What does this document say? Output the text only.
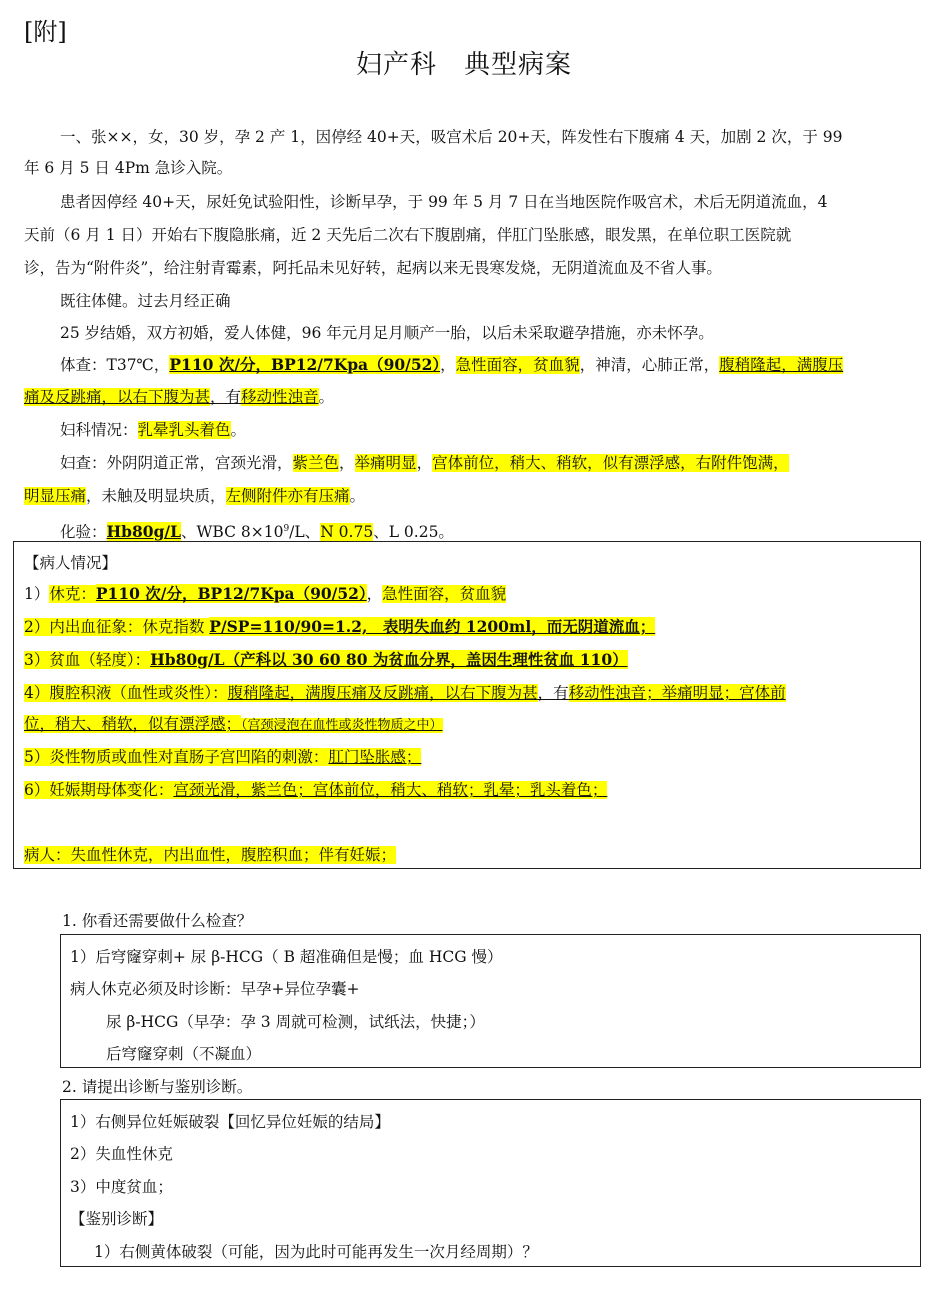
[附]
妇产科　典型病案
一、张××，女，30 岁，孕 2 产 1，因停经 40+天，吸宫术后 20+天，阵发性右下腹痛 4 天，加剧 2 次，于 99
年 6 月 5 日 4Pm 急诊入院。
患者因停经 40+天，尿妊免试验阳性，诊断早孕，于 99 年 5 月 7 日在当地医院作吸宫术，术后无阴道流血，4
天前（6 月 1 日）开始右下腹隐胀痛，近 2 天先后二次右下腹剧痛，伴肛门坠胀感，眼发黑，在单位职工医院就
诊，告为“附件炎”，给注射青霉素，阿托品未见好转，起病以来无畏寒发烧，无阴道流血及不省人事。
既往体健。过去月经正确
25 岁结婚，双方初婚，爱人体健，96 年元月足月顺产一胎，以后未采取避孕措施，亦未怀孕。
体查：T37℃，P110 次/分，BP12/7Kpa（90/52），急性面容，贫血貌，神清，心肺正常，腹稍隆起，满腹压
痛及反跳痛，以右下腹为甚，有移动性浊音。
妇科情况：乳晕乳头着色。
妇查：外阴阴道正常，宫颈光滑，紫兰色，举痛明显，宫体前位，稍大、稍软，似有漂浮感，右附件饱满，
明显压痛，未触及明显块质，左侧附件亦有压痛。
化验：Hb80g/L、WBC $8\times 10^9/L$、N 0.75、L 0.25。
【病人情况】
1）休克：P110 次/分，BP12/7Kpa（90/52），急性面容，贫血貌
2）内出血征象：休克指数 P/SP=110/90=1.2,　表明失血约 1200ml，而无阴道流血；
3）贫血（轻度）：Hb80g/L（产科以 30 60 80 为贫血分界，盖因生理性贫血 110）
4）腹腔积液（血性或炎性）：腹稍隆起，满腹压痛及反跳痛，以右下腹为甚，有移动性浊音；举痛明显；宫体前
位，稍大、稍软，似有漂浮感；（宫颈浸泡在血性或炎性物质之中）
5）炎性物质或血性对直肠子宫凹陷的刺激：肛门坠胀感；
6）妊娠期母体变化：宫颈光滑，紫兰色；宫体前位，稍大、稍软；乳晕；乳头着色；
病人：失血性休克，内出血性，腹腔积血；伴有妊娠；
1. 你看还需要做什么检查？
1）后穹窿穿刺+ 尿 β-HCG（ B 超准确但是慢；血 HCG 慢）
病人休克必须及时诊断：早孕+异位孕囊+
尿 β-HCG（早孕：孕 3 周就可检测，试纸法，快捷；）
后穹窿穿刺（不凝血）
2. 请提出诊断与鉴别诊断。
1）右侧异位妊娠破裂【回忆异位妊娠的结局】
2）失血性休克
3）中度贫血；
【鉴别诊断】
1）右侧黄体破裂（可能，因为此时可能再发生一次月经周期）？
